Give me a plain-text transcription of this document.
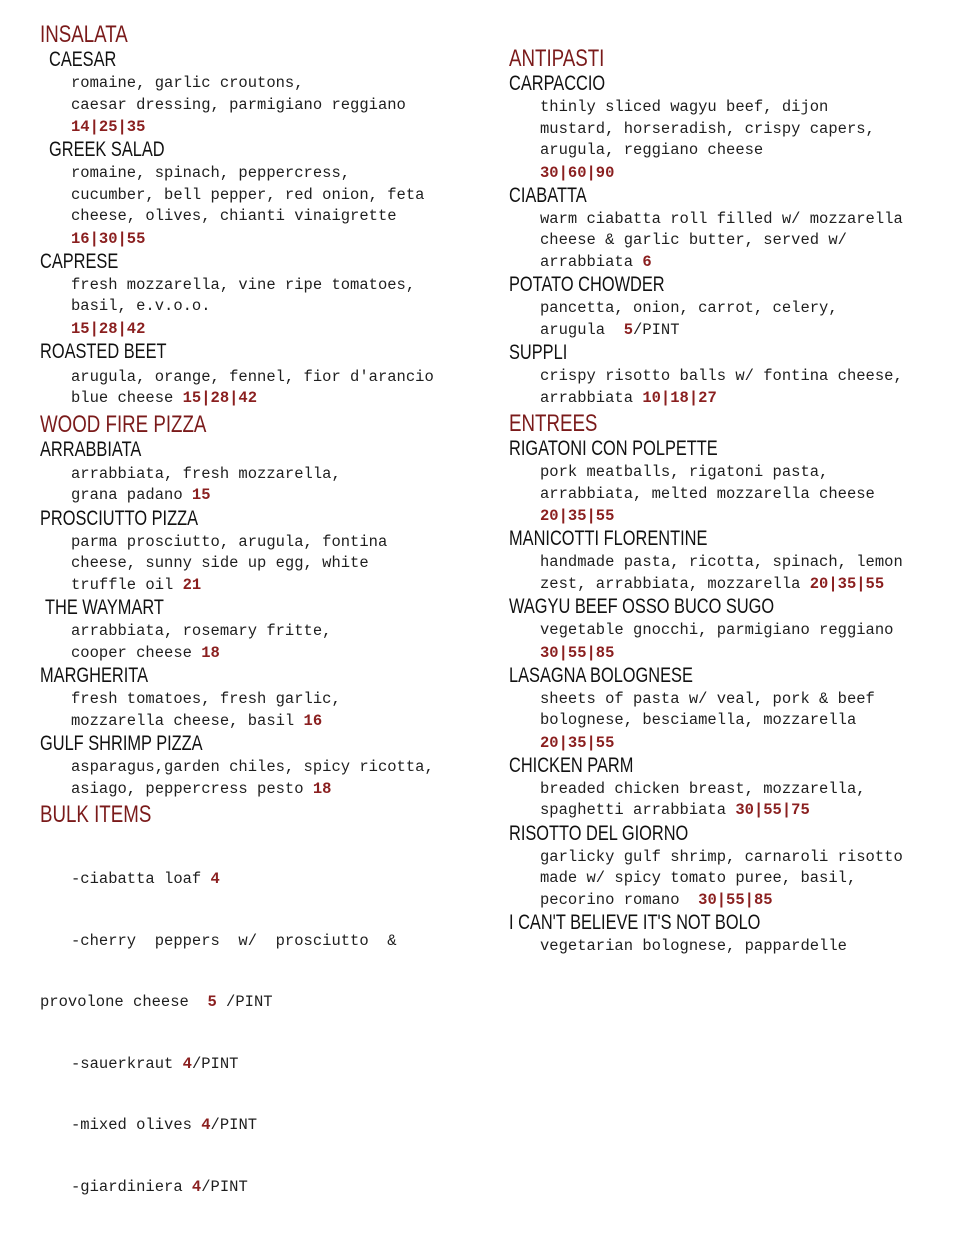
INSALATA
CAESAR
romaine, garlic croutons,
caesar dressing, parmigiano reggiano
14|25|35
GREEK SALAD
romaine, spinach, peppercress,
cucumber, bell pepper, red onion, feta
cheese, olives, chianti vinaigrette
16|30|55
CAPRESE
fresh mozzarella, vine ripe tomatoes,
basil, e.v.o.o.
15|28|42
ROASTED BEET
arugula, orange, fennel, fior d'arancio
blue cheese 15|28|42
WOOD FIRE PIZZA
ARRABBIATA
arrabbiata, fresh mozzarella,
grana padano 15
PROSCIUTTO PIZZA
parma prosciutto, arugula, fontina
cheese, sunny side up egg, white
truffle oil 21
THE WAYMART
arrabbiata, rosemary fritte,
cooper cheese 18
MARGHERITA
fresh tomatoes, fresh garlic,
mozzarella cheese, basil 16
GULF SHRIMP PIZZA
asparagus,garden chiles, spicy ricotta,
asiago, peppercress pesto 18
BULK ITEMS

-ciabatta loaf 4

-cherry  peppers  w/  prosciutto  &

provolone cheese  5 /PINT

-sauerkraut 4/PINT

-mixed olives 4/PINT

-giardiniera 4/PINT

ANTIPASTI
CARPACCIO
thinly sliced wagyu beef, dijon
mustard, horseradish, crispy capers,
arugula, reggiano cheese
30|60|90
CIABATTA
warm ciabatta roll filled w/ mozzarella
cheese & garlic butter, served w/
arrabbiata 6
POTATO CHOWDER
pancetta, onion, carrot, celery,
arugula  5/PINT
SUPPLI
crispy risotto balls w/ fontina cheese,
arrabbiata 10|18|27
ENTREES
RIGATONI CON POLPETTE
pork meatballs, rigatoni pasta,
arrabbiata, melted mozzarella cheese
20|35|55
MANICOTTI FLORENTINE
handmade pasta, ricotta, spinach, lemon
zest, arrabbiata, mozzarella 20|35|55
WAGYU BEEF OSSO BUCO SUGO
vegetable gnocchi, parmigiano reggiano
30|55|85
LASAGNA BOLOGNESE
sheets of pasta w/ veal, pork & beef
bolognese, besciamella, mozzarella
20|35|55
CHICKEN PARM
breaded chicken breast, mozzarella,
spaghetti arrabbiata 30|55|75
RISOTTO DEL GIORNO
garlicky gulf shrimp, carnaroli risotto
made w/ spicy tomato puree, basil,
pecorino romano  30|55|85
I CAN'T BELIEVE IT'S NOT BOLO
vegetarian bolognese, pappardelle
